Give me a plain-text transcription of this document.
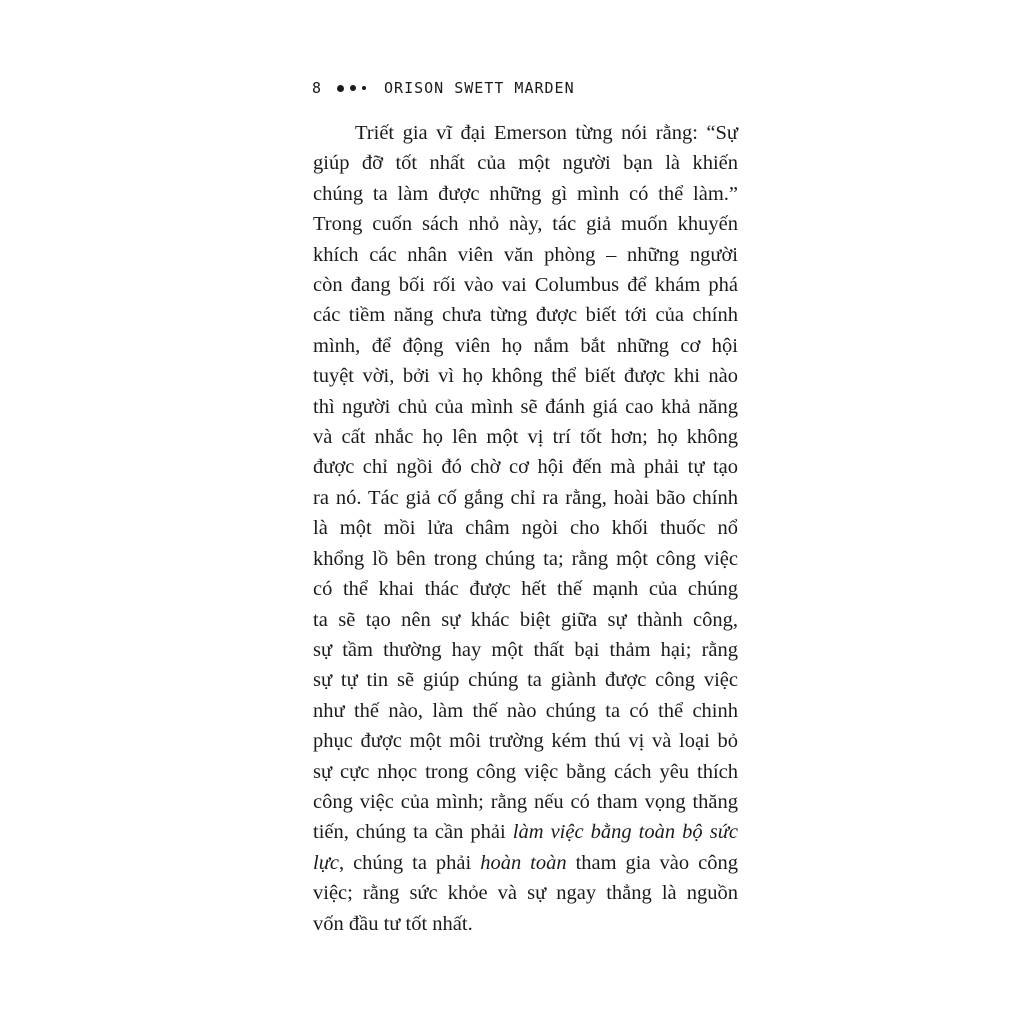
8	ORISON SWETT MARDEN
Triết gia vĩ đại Emerson từng nói rằng: “Sự
giúp đỡ tốt nhất của một người bạn là khiến
chúng ta làm được những gì mình có thể làm.”
Trong cuốn sách nhỏ này, tác giả muốn khuyến
khích các nhân viên văn phòng – những người
còn đang bối rối vào vai Columbus để khám phá
các tiềm năng chưa từng được biết tới của chính
mình, để động viên họ nắm bắt những cơ hội
tuyệt vời, bởi vì họ không thể biết được khi nào
thì người chủ của mình sẽ đánh giá cao khả năng
và cất nhắc họ lên một vị trí tốt hơn; họ không
được chỉ ngồi đó chờ cơ hội đến mà phải tự tạo
ra nó. Tác giả cố gắng chỉ ra rằng, hoài bão chính
là một mồi lửa châm ngòi cho khối thuốc nổ
khổng lồ bên trong chúng ta; rằng một công việc
có thể khai thác được hết thế mạnh của chúng
ta sẽ tạo nên sự khác biệt giữa sự thành công,
sự tầm thường hay một thất bại thảm hại; rằng
sự tự tin sẽ giúp chúng ta giành được công việc
như thế nào, làm thế nào chúng ta có thể chinh
phục được một môi trường kém thú vị và loại bỏ
sự cực nhọc trong công việc bằng cách yêu thích
công việc của mình; rằng nếu có tham vọng thăng
tiến, chúng ta cần phải làm việc bằng toàn bộ sức
lực, chúng ta phải hoàn toàn tham gia vào công
việc; rằng sức khỏe và sự ngay thẳng là nguồn
vốn đầu tư tốt nhất.
